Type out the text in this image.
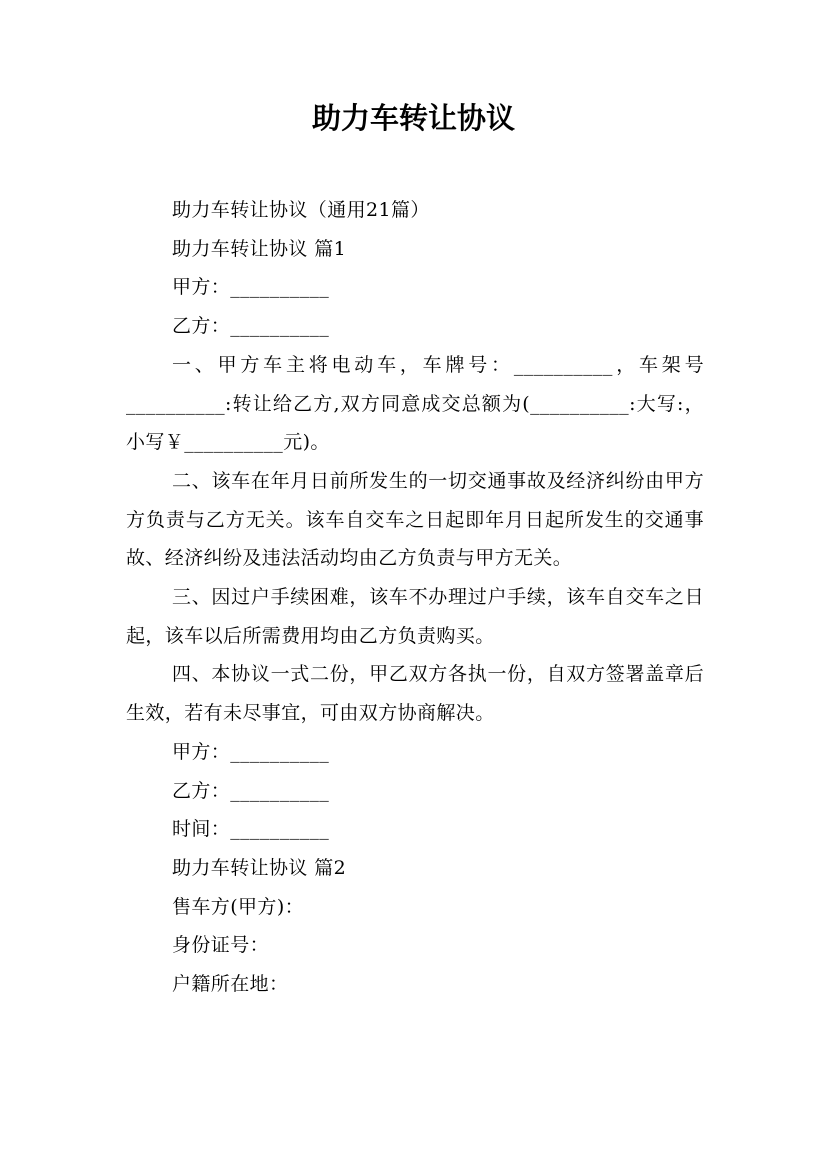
助力车转让协议

助力车转让协议（通用21篇）

助力车转让协议 篇1

甲方：__________

乙方：__________

一、甲方车主将电动车，车牌号：__________，车架号__________:转让给乙方,双方同意成交总额为(__________:大写:，小写￥__________元)。

二、该车在年月日前所发生的一切交通事故及经济纠纷由甲方方负责与乙方无关。该车自交车之日起即年月日起所发生的交通事故、经济纠纷及违法活动均由乙方负责与甲方无关。

三、因过户手续困难，该车不办理过户手续，该车自交车之日起，该车以后所需费用均由乙方负责购买。

四、本协议一式二份，甲乙双方各执一份，自双方签署盖章后生效，若有未尽事宜，可由双方协商解决。

甲方：__________

乙方：__________

时间：__________

助力车转让协议 篇2

售车方(甲方)：

身份证号：

户籍所在地：
